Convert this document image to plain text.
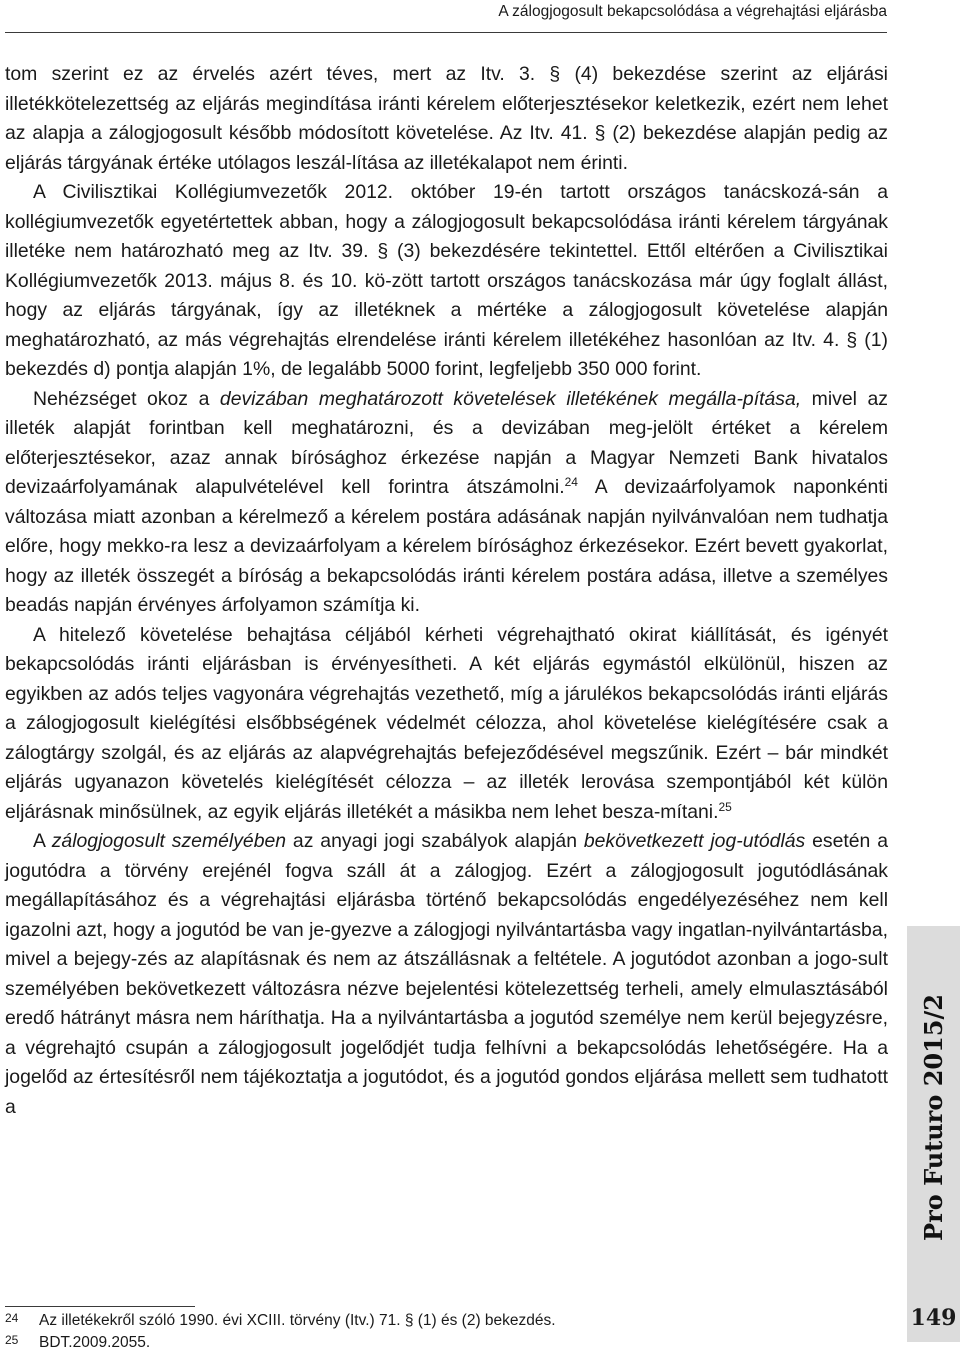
A zálogjogosult bekapcsolódása a végrehajtási eljárásba

tom szerint ez az érvelés azért téves, mert az Itv. 3. § (4) bekezdése szerint az eljárási illetékkötelezettség az eljárás megindítása iránti kérelem előterjesztésekor keletkezik, ezért nem lehet az alapja a zálogjogosult később módosított követelése. Az Itv. 41. § (2) bekezdése alapján pedig az eljárás tárgyának értéke utólagos leszál-lítása az illetékalapot nem érinti.

A Civilisztikai Kollégiumvezetők 2012. október 19-én tartott országos tanácskozá-sán a kollégiumvezetők egyetértettek abban, hogy a zálogjogosult bekapcsolódása iránti kérelem tárgyának illetéke nem határozható meg az Itv. 39. § (3) bekezdésére tekintettel. Ettől eltérően a Civilisztikai Kollégiumvezetők 2013. május 8. és 10. kö-zött tartott országos tanácskozása már úgy foglalt állást, hogy az eljárás tárgyának, így az illetéknek a mértéke a zálogjogosult követelése alapján meghatározható, az más végrehajtás elrendelése iránti kérelem illetékéhez hasonlóan az Itv. 4. § (1) bekezdés d) pontja alapján 1%, de legalább 5000 forint, legfeljebb 350 000 forint.

Nehézséget okoz a devizában meghatározott követelések illetékének megálla-pítása, mivel az illeték alapját forintban kell meghatározni, és a devizában meg-jelölt értéket a kérelem előterjesztésekor, azaz annak bírósághoz érkezése napján a Magyar Nemzeti Bank hivatalos devizaárfolyamának alapulvételével kell forintra átszámolni.$^{24}$ A devizaárfolyamok naponkénti változása miatt azonban a kérelmező a kérelem postára adásának napján nyilvánvalóan nem tudhatja előre, hogy mekko-ra lesz a devizaárfolyam a kérelem bírósághoz érkezésekor. Ezért bevett gyakorlat, hogy az illeték összegét a bíróság a bekapcsolódás iránti kérelem postára adása, illetve a személyes beadás napján érvényes árfolyamon számítja ki.

A hitelező követelése behajtása céljából kérheti végrehajtható okirat kiállítását, és igényét bekapcsolódás iránti eljárásban is érvényesítheti. A két eljárás egymástól elkülönül, hiszen az egyikben az adós teljes vagyonára végrehajtás vezethető, míg a járulékos bekapcsolódás iránti eljárás a zálogjogosult kielégítési elsőbbségének védelmét célozza, ahol követelése kielégítésére csak a zálogtárgy szolgál, és az eljárás az alapvégrehajtás befejeződésével megszűnik. Ezért – bár mindkét eljárás ugyanazon követelés kielégítését célozza – az illeték lerovása szempontjából két külön eljárásnak minősülnek, az egyik eljárás illetékét a másikba nem lehet besza-mítani.$^{25}$

A zálogjogosult személyében az anyagi jogi szabályok alapján bekövetkezett jog-utódlás esetén a jogutódra a törvény erejénél fogva száll át a zálogjog. Ezért a zálogjogosult jogutódlásának megállapításához és a végrehajtási eljárásba történő bekapcsolódás engedélyezéséhez nem kell igazolni azt, hogy a jogutód be van je-gyezve a zálogjogi nyilvántartásba vagy ingatlan-nyilvántartásba, mivel a bejegy-zés az alapításnak és nem az átszállásnak a feltétele. A jogutódot azonban a jogo-sult személyében bekövetkezett változásra nézve bejelentési kötelezettség terheli, amely elmulasztásából eredő hátrányt másra nem háríthatja. Ha a nyilvántartásba a jogutód személye nem kerül bejegyzésre, a végrehajtó csupán a zálogjogosult jogelődjét tudja felhívni a bekapcsolódás lehetőségére. Ha a jogelőd az értesítésről nem tájékoztatja a jogutódot, és a jogutód gondos eljárása mellett sem tudhatott a	Pro Futuro 2015/2
149
24	Az illetékekről szóló 1990. évi XCIII. törvény (Itv.) 71. § (1) és (2) bekezdés.
25	BDT.2009.2055.
